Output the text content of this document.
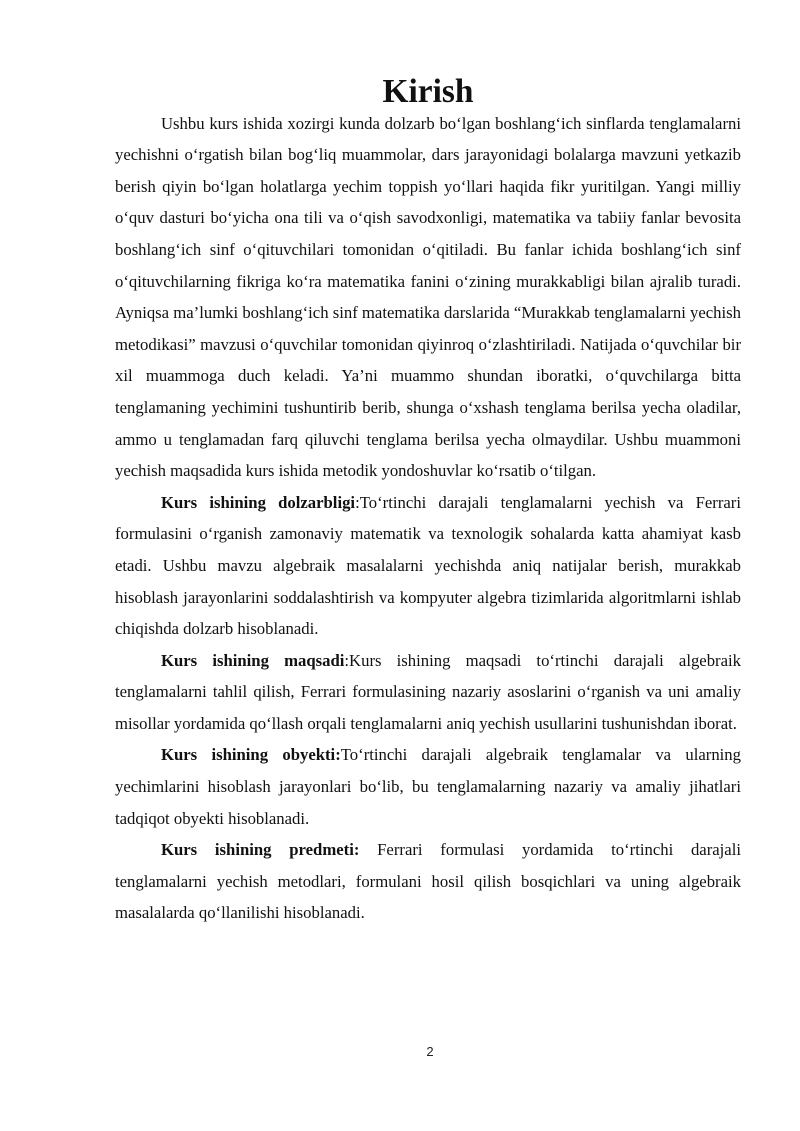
Kirish

Ushbu kurs ishida xozirgi kunda dolzarb bo‘lgan boshlang‘ich sinflarda tenglamalarni yechishni o‘rgatish bilan bog‘liq muammolar, dars jarayonidagi bolalarga mavzuni yetkazib berish qiyin bo‘lgan holatlarga yechim toppish yo‘llari haqida fikr yuritilgan. Yangi milliy o‘quv dasturi bo‘yicha ona tili va o‘qish savodxonligi, matematika va tabiiy fanlar bevosita boshlang‘ich sinf o‘qituvchilari tomonidan o‘qitiladi. Bu fanlar ichida boshlang‘ich sinf o‘qituvchilarning fikriga ko‘ra matematika fanini o‘zining murakkabligi bilan ajralib turadi. Ayniqsa ma’lumki boshlang‘ich sinf matematika darslarida “Murakkab tenglamalarni yechish metodikasi” mavzusi o‘quvchilar tomonidan qiyinroq o‘zlashtiriladi. Natijada o‘quvchilar bir xil muammoga duch keladi. Ya’ni muammo shundan iboratki, o‘quvchilarga bitta tenglamaning yechimini tushuntirib berib, shunga o‘xshash tenglama berilsa yecha oladilar, ammo u tenglamadan farq qiluvchi tenglama berilsa yecha olmaydilar. Ushbu muammoni yechish maqsadida kurs ishida metodik yondoshuvlar ko‘rsatib o‘tilgan.

Kurs ishining dolzarbligi:To‘rtinchi darajali tenglamalarni yechish va Ferrari formulasini o‘rganish zamonaviy matematik va texnologik sohalarda katta ahamiyat kasb etadi. Ushbu mavzu algebraik masalalarni yechishda aniq natijalar berish, murakkab hisoblash jarayonlarini soddalashtirish va kompyuter algebra tizimlarida algoritmlarni ishlab chiqishda dolzarb hisoblanadi.

Kurs ishining maqsadi:Kurs ishining maqsadi to‘rtinchi darajali algebraik tenglamalarni tahlil qilish, Ferrari formulasining nazariy asoslarini o‘rganish va uni amaliy misollar yordamida qo‘llash orqali tenglamalarni aniq yechish usullarini tushunishdan iborat.

Kurs ishining obyekti:To‘rtinchi darajali algebraik tenglamalar va ularning yechimlarini hisoblash jarayonlari bo‘lib, bu tenglamalarning nazariy va amaliy jihatlari tadqiqot obyekti hisoblanadi.

Kurs ishining predmeti: Ferrari formulasi yordamida to‘rtinchi darajali tenglamalarni yechish metodlari, formulani hosil qilish bosqichlari va uning algebraik masalalarda qo‘llanilishi hisoblanadi.

2
